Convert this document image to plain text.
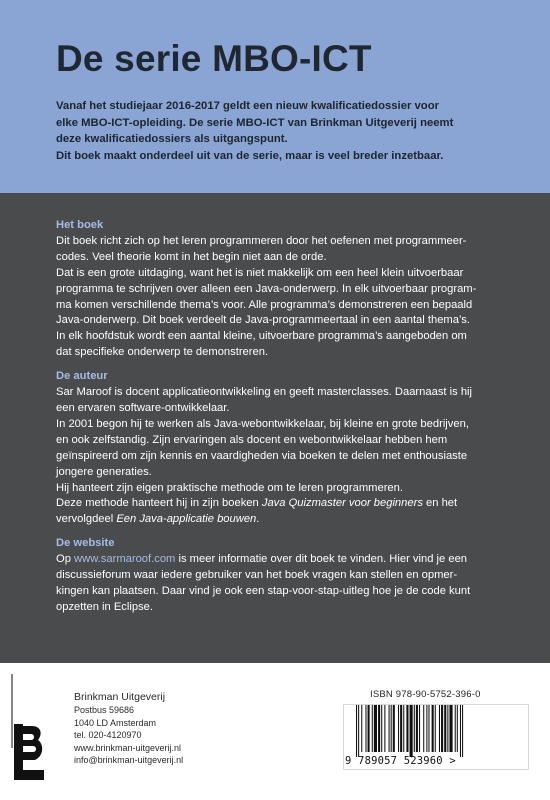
De serie MBO-ICT

Vanaf het studiejaar 2016-2017 geldt een nieuw kwalificatiedossier voor

elke MBO-ICT-opleiding. De serie MBO-ICT van Brinkman Uitgeverij neemt

deze kwalificatiedossiers als uitgangspunt.

Dit boek maakt onderdeel uit van de serie, maar is veel breder inzetbaar.

Het boek

Dit boek richt zich op het leren programmeren door het oefenen met programmeer-

codes. Veel theorie komt in het begin niet aan de orde.

Dat is een grote uitdaging, want het is niet makkelijk om een heel klein uitvoerbaar

programma te schrijven over alleen een Java-onderwerp. In elk uitvoerbaar program-

ma komen verschillende thema’s voor. Alle programma’s demonstreren een bepaald

Java-onderwerp. Dit boek verdeelt de Java-programmeertaal in een aantal thema’s.

In elk hoofdstuk wordt een aantal kleine, uitvoerbare programma’s aangeboden om

dat specifieke onderwerp te demonstreren.

De auteur

Sar Maroof is docent applicatieontwikkeling en geeft masterclasses. Daarnaast is hij

een ervaren software-ontwikkelaar.

In 2001 begon hij te werken als Java-webontwikkelaar, bij kleine en grote bedrijven,

en ook zelfstandig. Zijn ervaringen als docent en webontwikkelaar hebben hem

geïnspireerd om zijn kennis en vaardigheden via boeken te delen met enthousiaste

jongere generaties.

Hij hanteert zijn eigen praktische methode om te leren programmeren.

Deze methode hanteert hij in zijn boeken Java Quizmaster voor beginners en het

vervolgdeel Een Java-applicatie bouwen.

De website

Op www.sarmaroof.com is meer informatie over dit boek te vinden. Hier vind je een

discussieforum waar iedere gebruiker van het boek vragen kan stellen en opmer-

kingen kan plaatsen. Daar vind je ook een stap-voor-stap-uitleg hoe je de code kunt

opzetten in Eclipse.

Brinkman Uitgeverij
Postbus 59686
1040 LD Amsterdam
tel. 020-4120970
www.brinkman-uitgeverij.nl
info@brinkman-uitgeverij.nl
ISBN 978-90-5752-396-0
9 789057 523960 >
